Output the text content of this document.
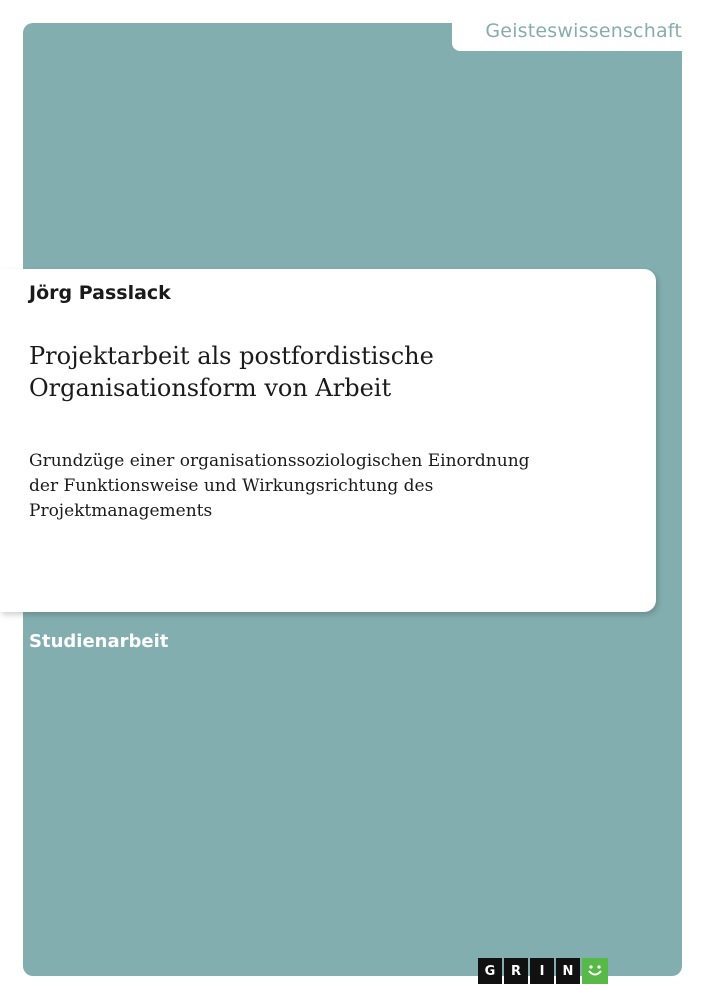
Geisteswissenschaft
Jörg Passlack
Projektarbeit als postfordistische
Organisationsform von Arbeit
Grundzüge einer organisationssoziologischen Einordnung
der Funktionsweise und Wirkungsrichtung des
Projektmanagements
Studienarbeit
G	R	I	N
